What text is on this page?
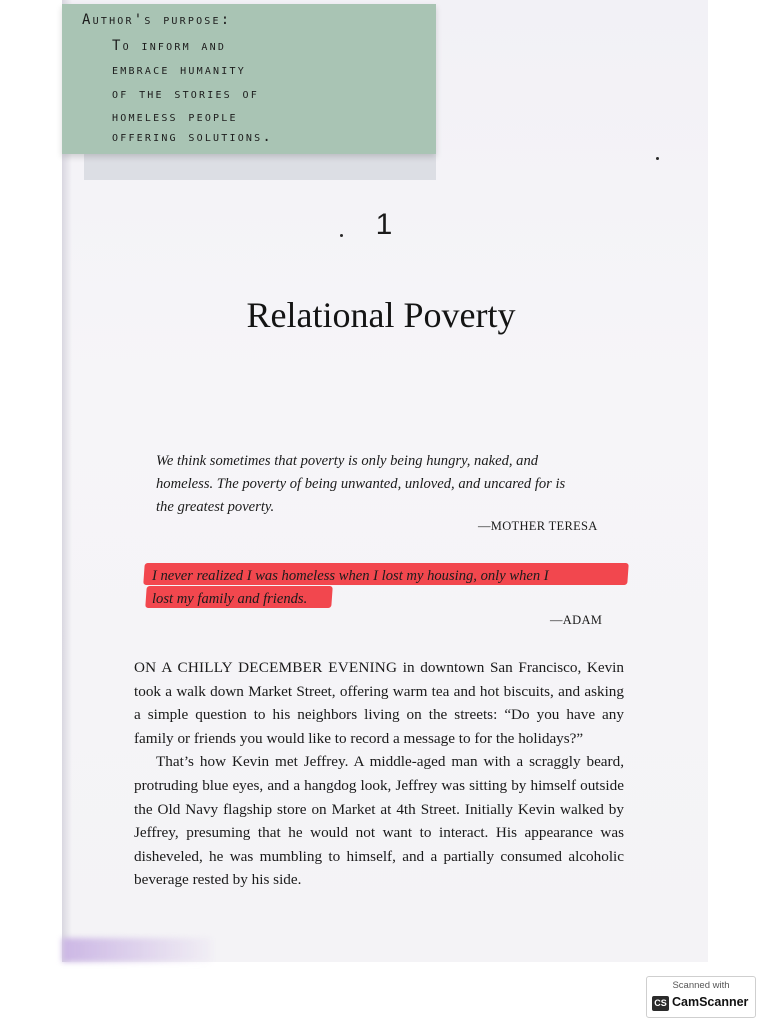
Author's purpose:
To inform and
embrace humanity
of the stories of
homeless people
offering solutions.
1
Relational Poverty
We think sometimes that poverty is only being hungry, naked, and
homeless. The poverty of being unwanted, unloved, and uncared for is
the greatest poverty.
—MOTHER TERESA
I never realized I was homeless when I lost my housing, only when I
lost my family and friends.
—ADAM

ON A CHILLY DECEMBER EVENING in downtown San Francisco, Kevin took a walk down Market Street, offering warm tea and hot biscuits, and asking a simple question to his neighbors living on the streets: “Do you have any family or friends you would like to record a message to for the holidays?”

That’s how Kevin met Jeffrey. A middle-aged man with a scraggly beard, protruding blue eyes, and a hangdog look, Jeffrey was sitting by himself outside the Old Navy flagship store on Market at 4th Street. Initially Kevin walked by Jeffrey, presuming that he would not want to interact. His appearance was disheveled, he was mumbling to himself, and a partially consumed alcoholic beverage rested by his side.

Scanned with
CS CamScanner
